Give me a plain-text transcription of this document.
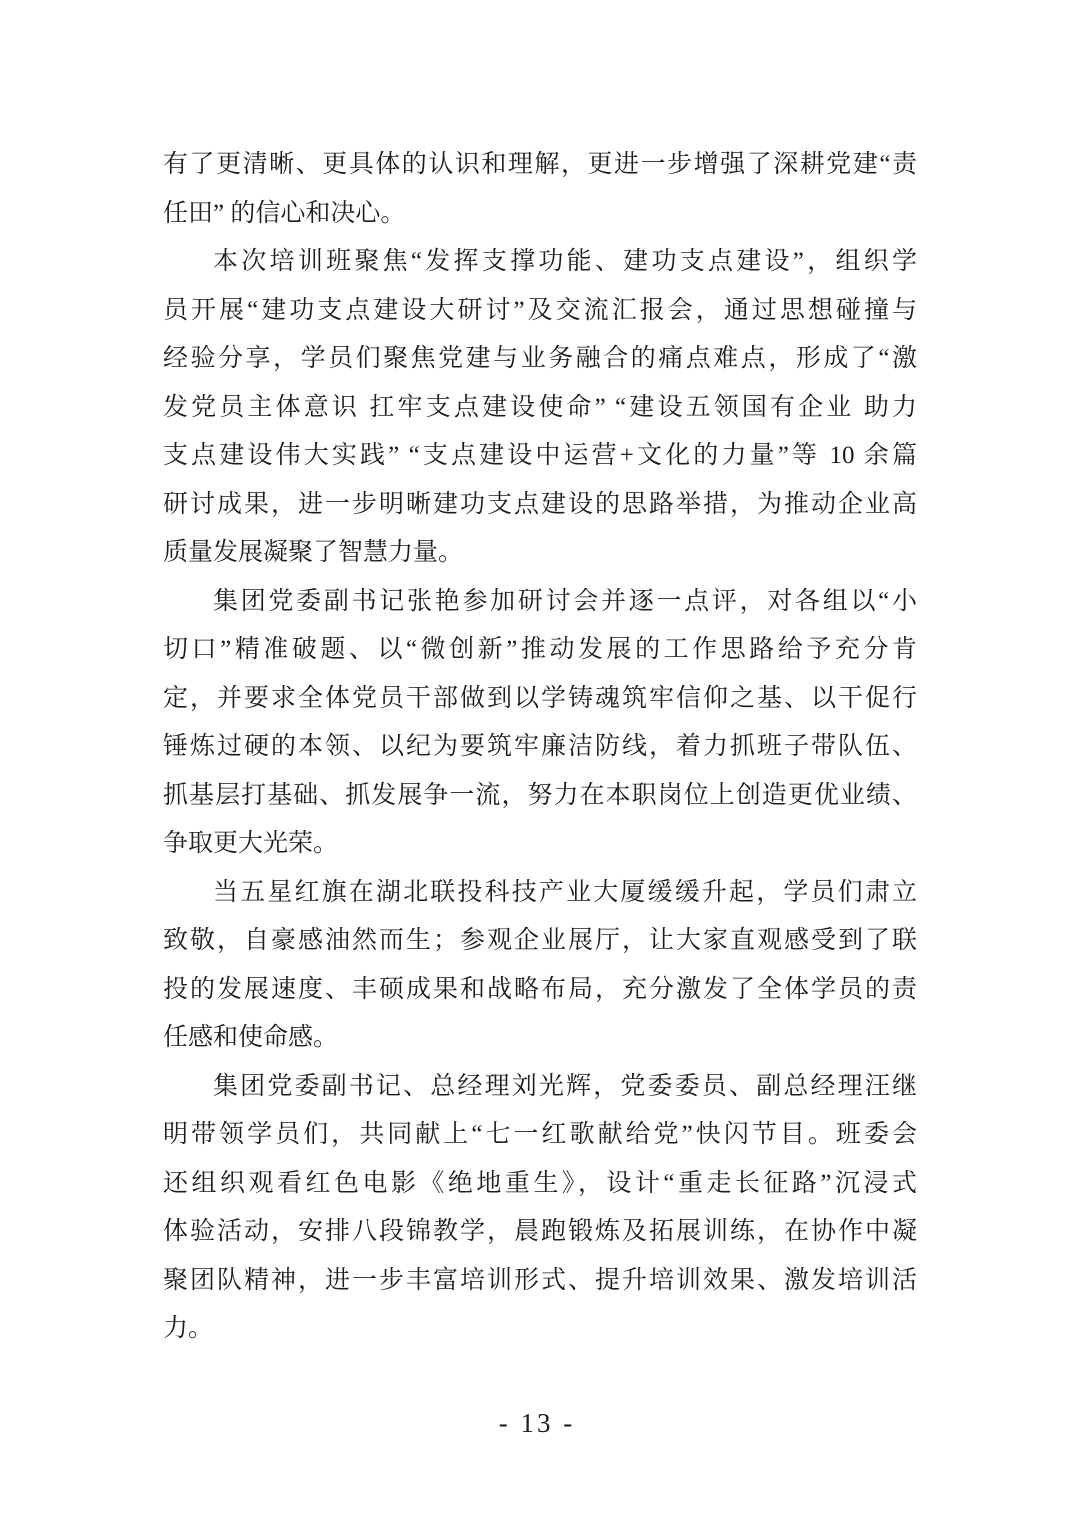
有了更清晰、更具体的认识和理解，更进一步增强了深耕党建“责
任田” 的信心和决心。
本次培训班聚焦“发挥支撑功能、建功支点建设”，组织学
员开展“建功支点建设大研讨”及交流汇报会，通过思想碰撞与
经验分享，学员们聚焦党建与业务融合的痛点难点，形成了“激
发党员主体意识 扛牢支点建设使命” “建设五领国有企业 助力
支点建设伟大实践” “支点建设中运营+文化的力量”等 10 余篇
研讨成果，进一步明晰建功支点建设的思路举措，为推动企业高
质量发展凝聚了智慧力量。
集团党委副书记张艳参加研讨会并逐一点评，对各组以“小
切口”精准破题、以“微创新”推动发展的工作思路给予充分肯
定，并要求全体党员干部做到以学铸魂筑牢信仰之基、以干促行
锤炼过硬的本领、以纪为要筑牢廉洁防线，着力抓班子带队伍、
抓基层打基础、抓发展争一流，努力在本职岗位上创造更优业绩、
争取更大光荣。
当五星红旗在湖北联投科技产业大厦缓缓升起，学员们肃立
致敬，自豪感油然而生；参观企业展厅，让大家直观感受到了联
投的发展速度、丰硕成果和战略布局，充分激发了全体学员的责
任感和使命感。
集团党委副书记、总经理刘光辉，党委委员、副总经理汪继
明带领学员们，共同献上“七一红歌献给党”快闪节目。班委会
还组织观看红色电影《绝地重生》，设计“重走长征路”沉浸式
体验活动，安排八段锦教学，晨跑锻炼及拓展训练，在协作中凝
聚团队精神，进一步丰富培训形式、提升培训效果、激发培训活
力。
- 13 -
